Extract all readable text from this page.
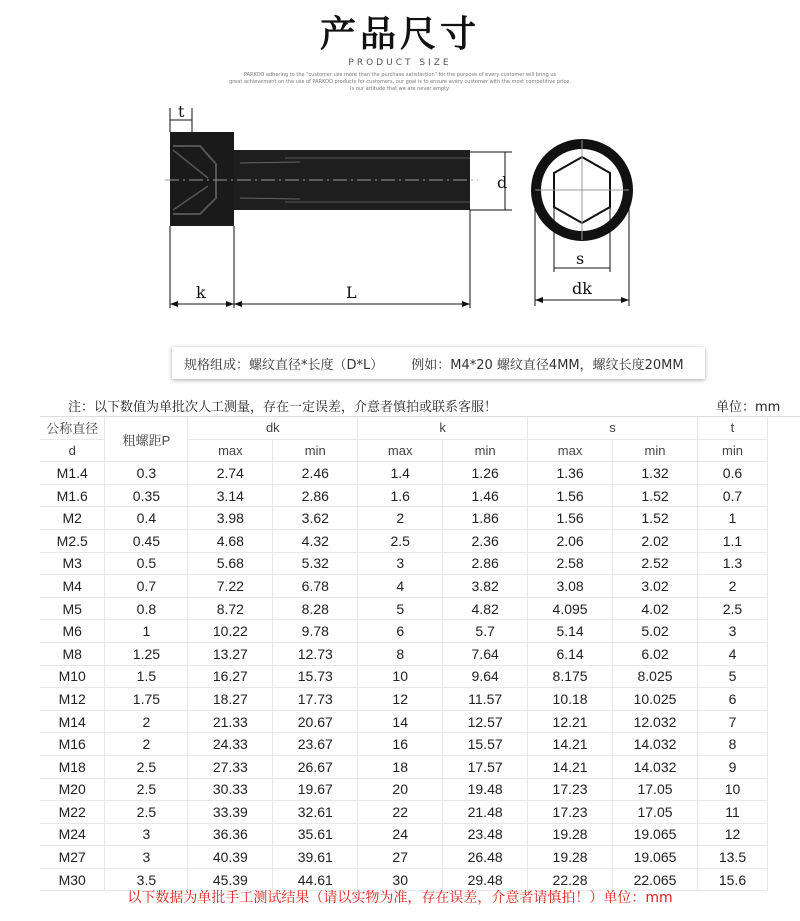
产品尺寸
PRODUCT SIZE
PARKOO adhering to the "customer use more than the purchase satisfaction" for the purpose of every customer will bring us
great achievement on the use of PARKOO products for customers, our goal is to ensure every customer with the most competitive price.
Is our attitude that we are never empty.
t
d
k	L
s
dk
规格组成：螺纹直径*长度（D*L） 例如：M4*20 螺纹直径4MM，螺纹长度20MM
注：以下数值为单批次人工测量，存在一定误差，介意者慎拍或联系客服！	单位：mm
公称直径	粗螺距P	dk		k		s		t
d		max	min	max	min	max	min	min
M1.4	0.3	2.74	2.46	1.4	1.26	1.36	1.32	0.6
M1.6	0.35	3.14	2.86	1.6	1.46	1.56	1.52	0.7
M2	0.4	3.98	3.62	2	1.86	1.56	1.52	1
M2.5	0.45	4.68	4.32	2.5	2.36	2.06	2.02	1.1
M3	0.5	5.68	5.32	3	2.86	2.58	2.52	1.3
M4	0.7	7.22	6.78	4	3.82	3.08	3.02	2
M5	0.8	8.72	8.28	5	4.82	4.095	4.02	2.5
M6	1	10.22	9.78	6	5.7	5.14	5.02	3
M8	1.25	13.27	12.73	8	7.64	6.14	6.02	4
M10	1.5	16.27	15.73	10	9.64	8.175	8.025	5
M12	1.75	18.27	17.73	12	11.57	10.18	10.025	6
M14	2	21.33	20.67	14	12.57	12.21	12.032	7
M16	2	24.33	23.67	16	15.57	14.21	14.032	8
M18	2.5	27.33	26.67	18	17.57	14.21	14.032	9
M20	2.5	30.33	19.67	20	19.48	17.23	17.05	10
M22	2.5	33.39	32.61	22	21.48	17.23	17.05	11
M24	3	36.36	35.61	24	23.48	19.28	19.065	12
M27	3	40.39	39.61	27	26.48	19.28	19.065	13.5
M30	3.5	45.39	44.61	30	29.48	22.28	22.065	15.6
以下数据为单批手工测试结果（请以实物为准，存在误差，介意者请慎拍！）单位：mm
